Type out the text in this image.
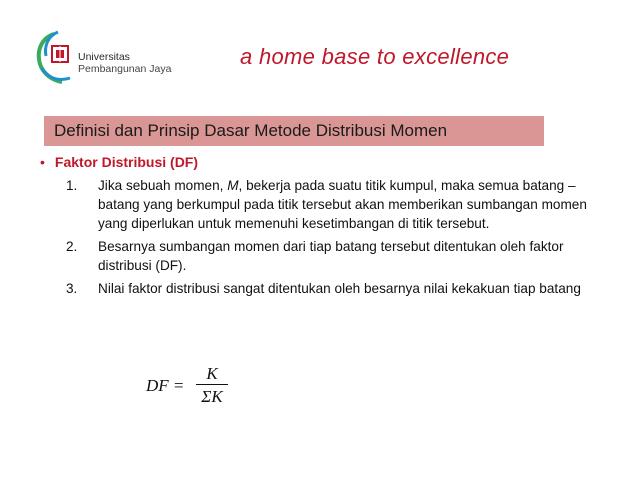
Universitas
Pembangunan Jaya	a home base to excellence
Definisi dan Prinsip Dasar Metode Distribusi Momen
• Faktor Distribusi (DF)
1. Jika sebuah momen, M, bekerja pada suatu titik kumpul, maka semua batang – batang yang berkumpul pada titik tersebut akan memberikan sumbangan momen yang diperlukan untuk memenuhi kesetimbangan di titik tersebut.
2. Besarnya sumbangan momen dari tiap batang tersebut ditentukan oleh faktor distribusi (DF).
3. Nilai faktor distribusi sangat ditentukan oleh besarnya nilai kekakuan tiap batang
DF =
K
ΣK
